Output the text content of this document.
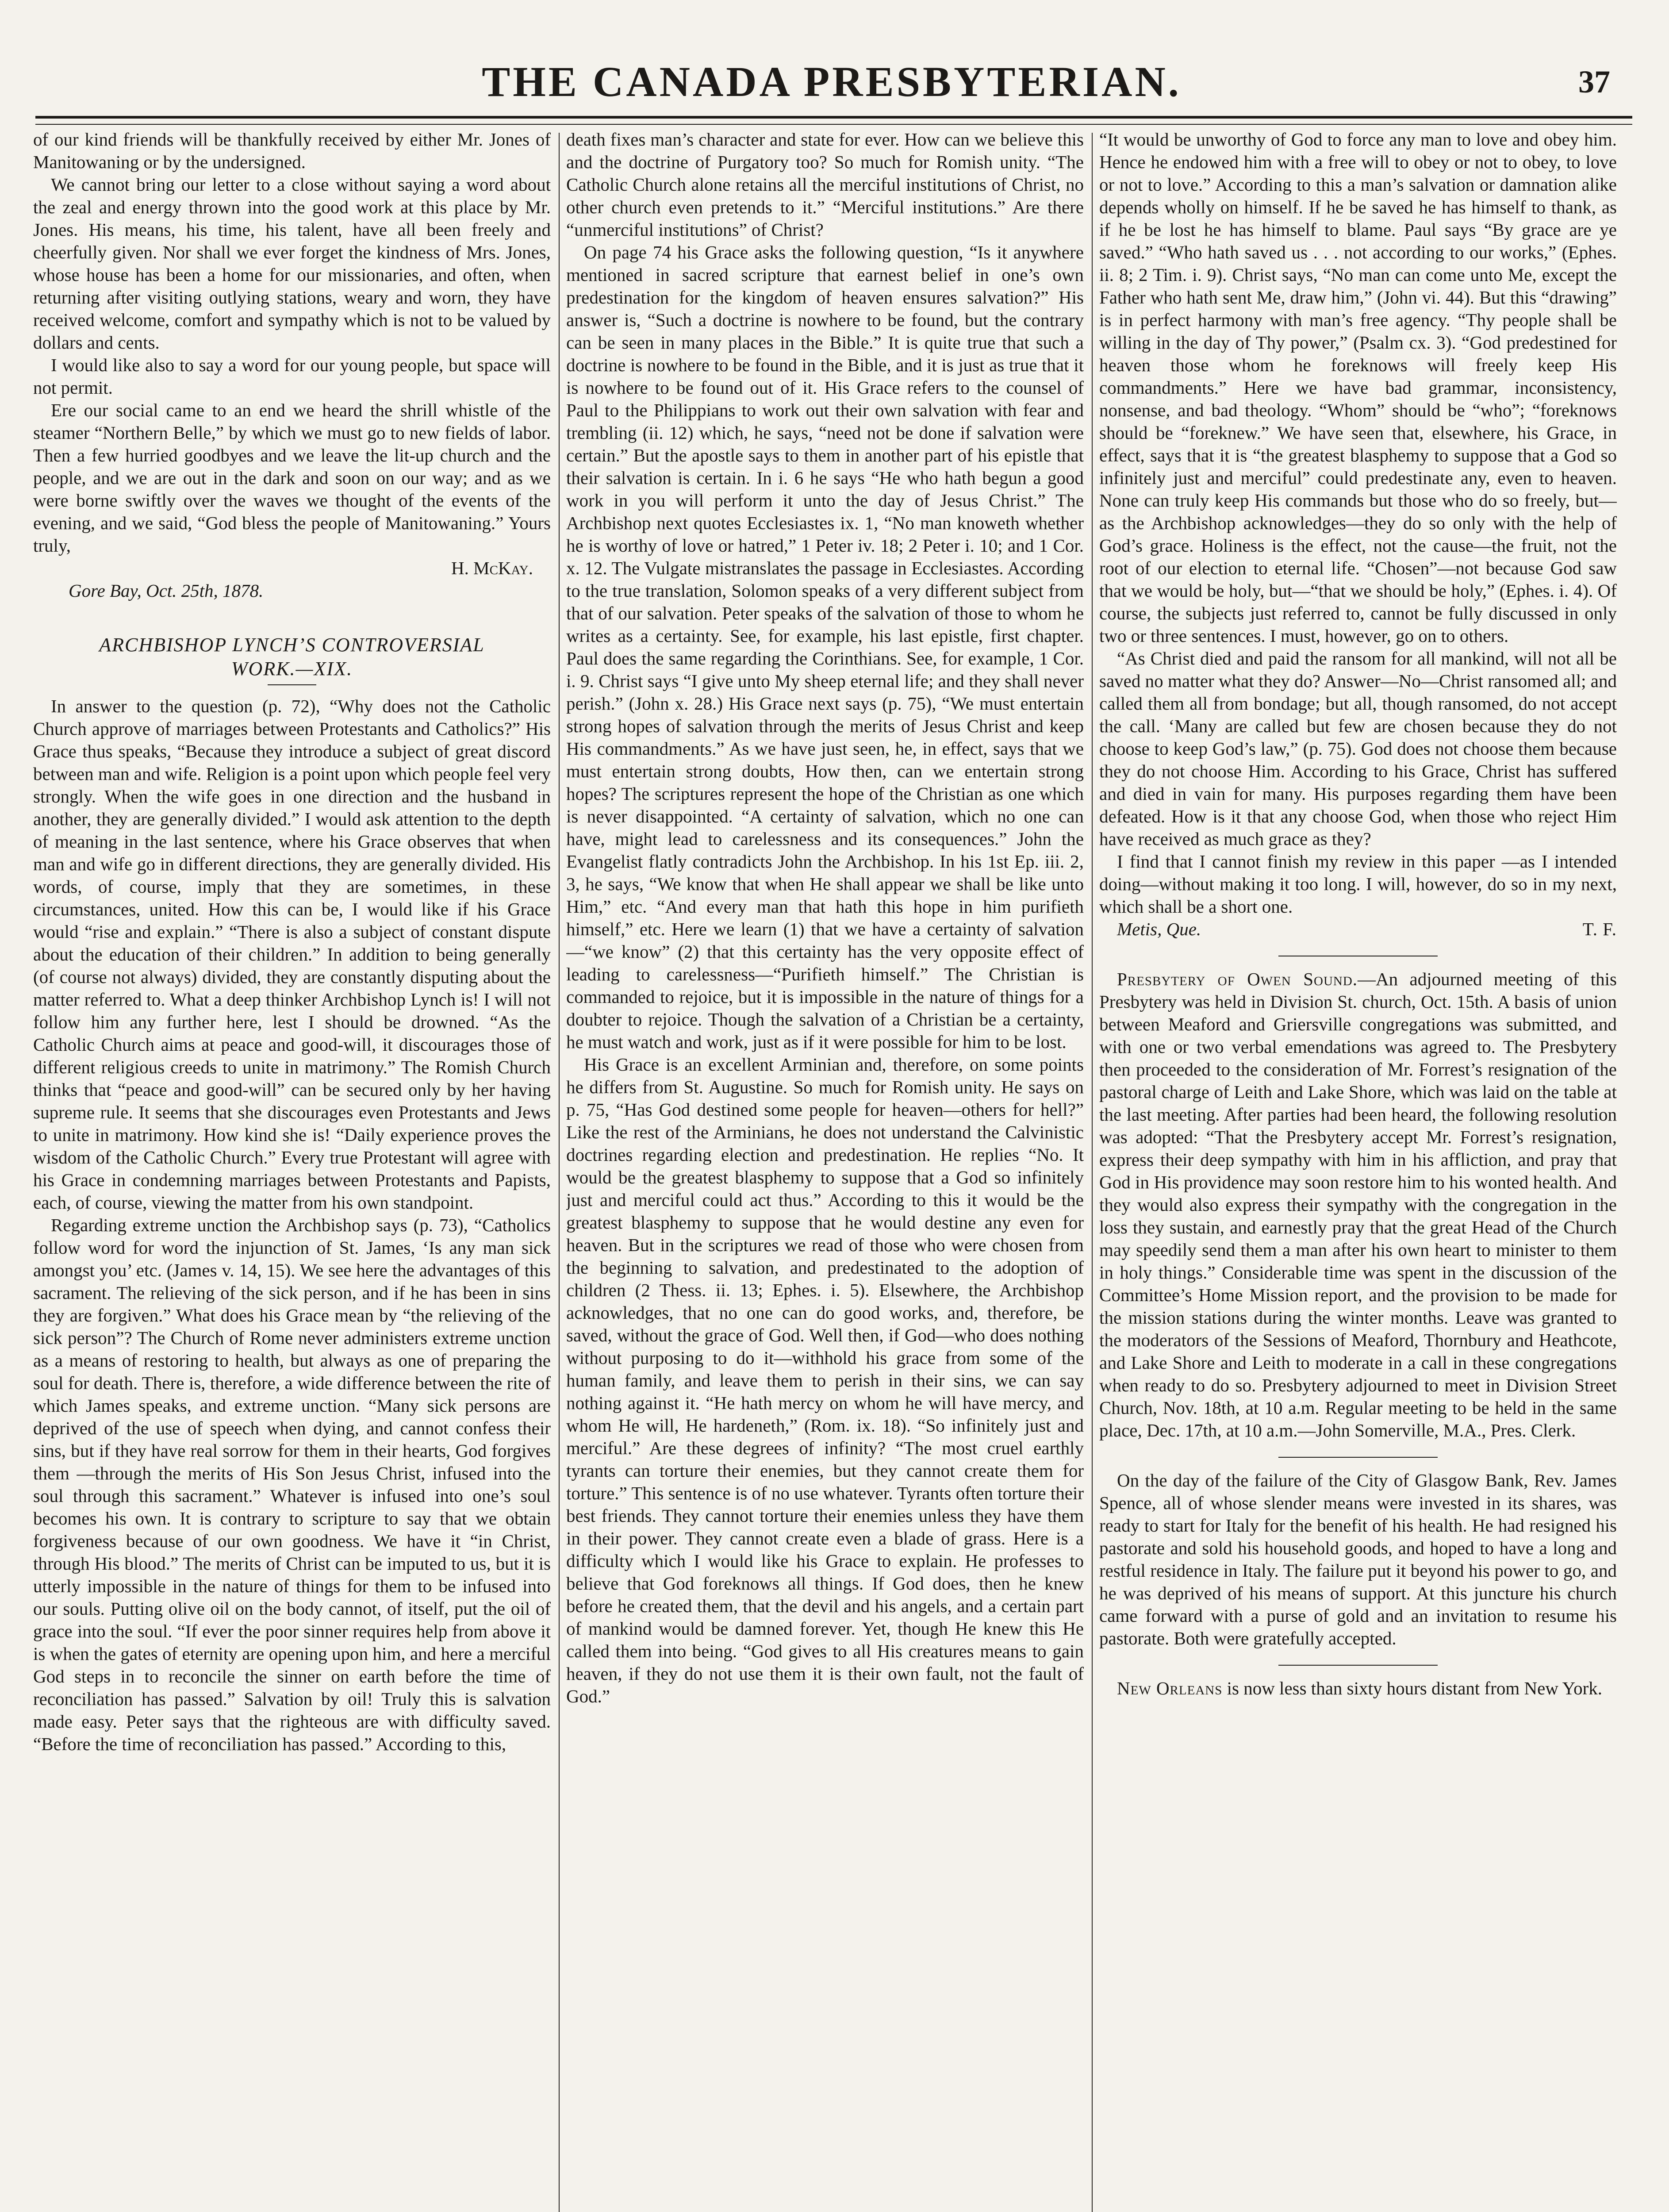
THE CANADA PRESBYTERIAN.	37

of our kind friends will be thankfully received by either Mr. Jones of Manitowaning or by the undersigned.

We cannot bring our letter to a close without saying a word about the zeal and energy thrown into the good work at this place by Mr. Jones. His means, his time, his talent, have all been freely and cheerfully given. Nor shall we ever forget the kindness of Mrs. Jones, whose house has been a home for our missionaries, and often, when returning after visiting outlying stations, weary and worn, they have received welcome, comfort and sympathy which is not to be valued by dollars and cents.

I would like also to say a word for our young people, but space will not permit.

Ere our social came to an end we heard the shrill whistle of the steamer “Northern Belle,” by which we must go to new fields of labor. Then a few hurried goodbyes and we leave the lit-up church and the people, and we are out in the dark and soon on our way; and as we were borne swiftly over the waves we thought of the events of the evening, and we said, “God bless the people of Manitowaning.” Yours truly,

H. McKay.

Gore Bay, Oct. 25th, 1878.

ARCHBISHOP LYNCH’S CONTROVERSIAL
WORK.—XIX.

In answer to the question (p. 72), “Why does not the Catholic Church approve of marriages between Protestants and Catholics?” His Grace thus speaks, “Because they introduce a subject of great discord between man and wife. Religion is a point upon which people feel very strongly. When the wife goes in one direction and the husband in another, they are generally divided.” I would ask attention to the depth of meaning in the last sentence, where his Grace observes that when man and wife go in different directions, they are generally divided. His words, of course, imply that they are sometimes, in these circumstances, united. How this can be, I would like if his Grace would “rise and explain.” “There is also a subject of constant dispute about the education of their children.” In addition to being generally (of course not always) divided, they are constantly disputing about the matter referred to. What a deep thinker Archbishop Lynch is! I will not follow him any further here, lest I should be drowned. “As the Catholic Church aims at peace and good-will, it discourages those of different religious creeds to unite in matrimony.” The Romish Church thinks that “peace and good-will” can be secured only by her having supreme rule. It seems that she discourages even Protestants and Jews to unite in matrimony. How kind she is! “Daily experience proves the wisdom of the Catholic Church.” Every true Protestant will agree with his Grace in condemning marriages between Protestants and Papists, each, of course, viewing the matter from his own standpoint.

Regarding extreme unction the Archbishop says (p. 73), “Catholics follow word for word the injunction of St. James, ‘Is any man sick amongst you’ etc. (James v. 14, 15). We see here the advantages of this sacrament. The relieving of the sick person, and if he has been in sins they are forgiven.” What does his Grace mean by “the relieving of the sick person”? The Church of Rome never administers extreme unction as a means of restoring to health, but always as one of preparing the soul for death. There is, therefore, a wide difference between the rite of which James speaks, and extreme unction. “Many sick persons are deprived of the use of speech when dying, and cannot confess their sins, but if they have real sorrow for them in their hearts, God forgives them —through the merits of His Son Jesus Christ, infused into the soul through this sacrament.” Whatever is infused into one’s soul becomes his own. It is contrary to scripture to say that we obtain forgiveness because of our own goodness. We have it “in Christ, through His blood.” The merits of Christ can be imputed to us, but it is utterly impossible in the nature of things for them to be infused into our souls. Putting olive oil on the body cannot, of itself, put the oil of grace into the soul. “If ever the poor sinner requires help from above it is when the gates of eternity are opening upon him, and here a merciful God steps in to reconcile the sinner on earth before the time of reconciliation has passed.” Salvation by oil! Truly this is salvation made easy. Peter says that the righteous are with difficulty saved. “Before the time of reconciliation has passed.” According to this,

death fixes man’s character and state for ever. How can we believe this and the doctrine of Purgatory too? So much for Romish unity. “The Catholic Church alone retains all the merciful institutions of Christ, no other church even pretends to it.” “Merciful institutions.” Are there “unmerciful institutions” of Christ?

On page 74 his Grace asks the following question, “Is it anywhere mentioned in sacred scripture that earnest belief in one’s own predestination for the kingdom of heaven ensures salvation?” His answer is, “Such a doctrine is nowhere to be found, but the contrary can be seen in many places in the Bible.” It is quite true that such a doctrine is nowhere to be found in the Bible, and it is just as true that it is nowhere to be found out of it. His Grace refers to the counsel of Paul to the Philippians to work out their own salvation with fear and trembling (ii. 12) which, he says, “need not be done if salvation were certain.” But the apostle says to them in another part of his epistle that their salvation is certain. In i. 6 he says “He who hath begun a good work in you will perform it unto the day of Jesus Christ.” The Archbishop next quotes Ecclesiastes ix. 1, “No man knoweth whether he is worthy of love or hatred,” 1 Peter iv. 18; 2 Peter i. 10; and 1 Cor. x. 12. The Vulgate mistranslates the passage in Ecclesiastes. According to the true translation, Solomon speaks of a very different subject from that of our salvation. Peter speaks of the salvation of those to whom he writes as a certainty. See, for example, his last epistle, first chapter. Paul does the same regarding the Corinthians. See, for example, 1 Cor. i. 9. Christ says “I give unto My sheep eternal life; and they shall never perish.” (John x. 28.) His Grace next says (p. 75), “We must entertain strong hopes of salvation through the merits of Jesus Christ and keep His commandments.” As we have just seen, he, in effect, says that we must entertain strong doubts, How then, can we entertain strong hopes? The scriptures represent the hope of the Christian as one which is never disappointed. “A certainty of salvation, which no one can have, might lead to carelessness and its consequences.” John the Evangelist flatly contradicts John the Archbishop. In his 1st Ep. iii. 2, 3, he says, “We know that when He shall appear we shall be like unto Him,” etc. “And every man that hath this hope in him purifieth himself,” etc. Here we learn (1) that we have a certainty of salvation—“we know” (2) that this certainty has the very opposite effect of leading to carelessness—“Purifieth himself.” The Christian is commanded to rejoice, but it is impossible in the nature of things for a doubter to rejoice. Though the salvation of a Christian be a certainty, he must watch and work, just as if it were possible for him to be lost.

His Grace is an excellent Arminian and, therefore, on some points he differs from St. Augustine. So much for Romish unity. He says on p. 75, “Has God destined some people for heaven—others for hell?” Like the rest of the Arminians, he does not understand the Calvinistic doctrines regarding election and predestination. He replies “No. It would be the greatest blasphemy to suppose that a God so infinitely just and merciful could act thus.” According to this it would be the greatest blasphemy to suppose that he would destine any even for heaven. But in the scriptures we read of those who were chosen from the beginning to salvation, and predestinated to the adoption of children (2 Thess. ii. 13; Ephes. i. 5). Elsewhere, the Archbishop acknowledges, that no one can do good works, and, therefore, be saved, without the grace of God. Well then, if God—who does nothing without purposing to do it—withhold his grace from some of the human family, and leave them to perish in their sins, we can say nothing against it. “He hath mercy on whom he will have mercy, and whom He will, He hardeneth,” (Rom. ix. 18). “So infinitely just and merciful.” Are these degrees of infinity? “The most cruel earthly tyrants can torture their enemies, but they cannot create them for torture.” This sentence is of no use whatever. Tyrants often torture their best friends. They cannot torture their enemies unless they have them in their power. They cannot create even a blade of grass. Here is a difficulty which I would like his Grace to explain. He professes to believe that God foreknows all things. If God does, then he knew before he created them, that the devil and his angels, and a certain part of mankind would be damned forever. Yet, though He knew this He called them into being. “God gives to all His creatures means to gain heaven, if they do not use them it is their own fault, not the fault of God.”

“It would be unworthy of God to force any man to love and obey him. Hence he endowed him with a free will to obey or not to obey, to love or not to love.” According to this a man’s salvation or damnation alike depends wholly on himself. If he be saved he has himself to thank, as if he be lost he has himself to blame. Paul says “By grace are ye saved.” “Who hath saved us . . . not according to our works,” (Ephes. ii. 8; 2 Tim. i. 9). Christ says, “No man can come unto Me, except the Father who hath sent Me, draw him,” (John vi. 44). But this “drawing” is in perfect harmony with man’s free agency. “Thy people shall be willing in the day of Thy power,” (Psalm cx. 3). “God predestined for heaven those whom he foreknows will freely keep His commandments.” Here we have bad grammar, inconsistency, nonsense, and bad theology. “Whom” should be “who”; “foreknows should be “foreknew.” We have seen that, elsewhere, his Grace, in effect, says that it is “the greatest blasphemy to suppose that a God so infinitely just and merciful” could predestinate any, even to heaven. None can truly keep His commands but those who do so freely, but—as the Archbishop acknowledges—they do so only with the help of God’s grace. Holiness is the effect, not the cause—the fruit, not the root of our election to eternal life. “Chosen”—not because God saw that we would be holy, but—“that we should be holy,” (Ephes. i. 4). Of course, the subjects just referred to, cannot be fully discussed in only two or three sentences. I must, however, go on to others.

“As Christ died and paid the ransom for all mankind, will not all be saved no matter what they do? Answer—No—Christ ransomed all; and called them all from bondage; but all, though ransomed, do not accept the call. ‘Many are called but few are chosen because they do not choose to keep God’s law,” (p. 75). God does not choose them because they do not choose Him. According to his Grace, Christ has suffered and died in vain for many. His purposes regarding them have been defeated. How is it that any choose God, when those who reject Him have received as much grace as they?

I find that I cannot finish my review in this paper —as I intended doing—without making it too long. I will, however, do so in my next, which shall be a short one.

Metis, Que.	T. F.

Presbytery of Owen Sound.—An adjourned meeting of this Presbytery was held in Division St. church, Oct. 15th. A basis of union between Meaford and Griersville congregations was submitted, and with one or two verbal emendations was agreed to. The Presbytery then proceeded to the consideration of Mr. Forrest’s resignation of the pastoral charge of Leith and Lake Shore, which was laid on the table at the last meeting. After parties had been heard, the following resolution was adopted: “That the Presbytery accept Mr. Forrest’s resignation, express their deep sympathy with him in his affliction, and pray that God in His providence may soon restore him to his wonted health. And they would also express their sympathy with the congregation in the loss they sustain, and earnestly pray that the great Head of the Church may speedily send them a man after his own heart to minister to them in holy things.” Considerable time was spent in the discussion of the Committee’s Home Mission report, and the provision to be made for the mission stations during the winter months. Leave was granted to the moderators of the Sessions of Meaford, Thornbury and Heathcote, and Lake Shore and Leith to moderate in a call in these congregations when ready to do so. Presbytery adjourned to meet in Division Street Church, Nov. 18th, at 10 a.m. Regular meeting to be held in the same place, Dec. 17th, at 10 a.m.—John Somerville, M.A., Pres. Clerk.

On the day of the failure of the City of Glasgow Bank, Rev. James Spence, all of whose slender means were invested in its shares, was ready to start for Italy for the benefit of his health. He had resigned his pastorate and sold his household goods, and hoped to have a long and restful residence in Italy. The failure put it beyond his power to go, and he was deprived of his means of support. At this juncture his church came forward with a purse of gold and an invitation to resume his pastorate. Both were gratefully accepted.

New Orleans is now less than sixty hours distant from New York.
